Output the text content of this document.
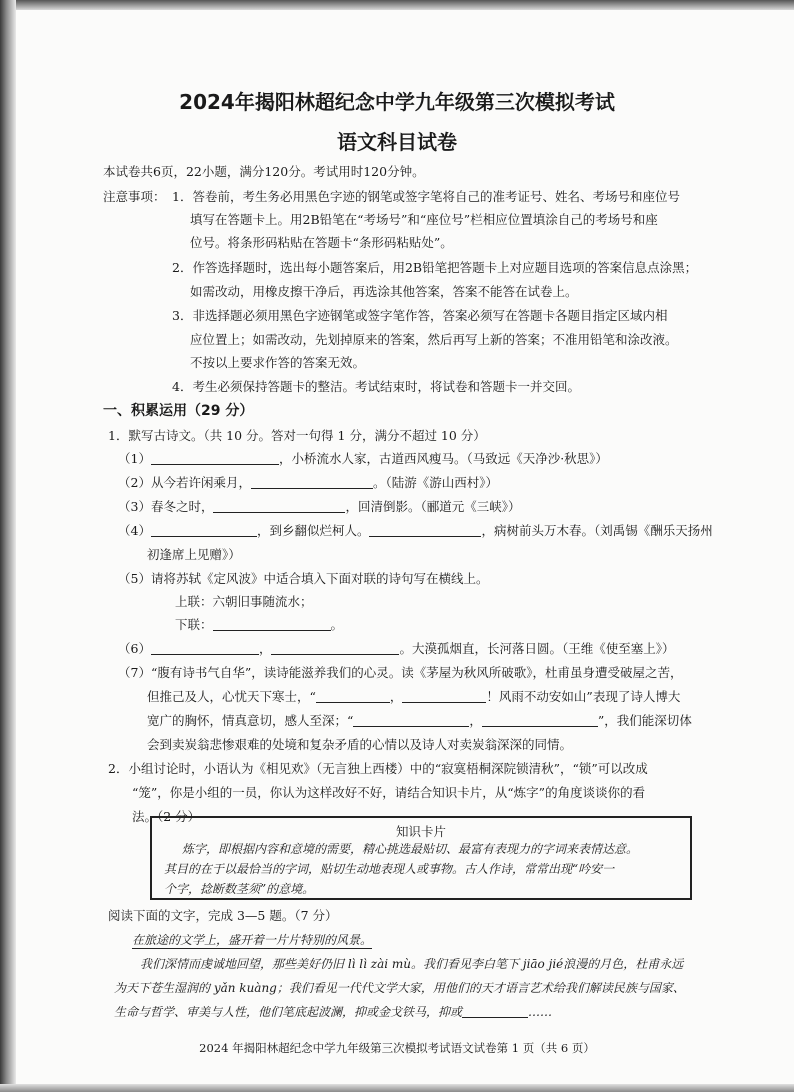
2024年揭阳林超纪念中学九年级第三次模拟考试
语文科目试卷
本试卷共6页，22小题，满分120分。考试用时120分钟。
注意事项： 1．答卷前，考生务必用黑色字迹的钢笔或签字笔将自己的准考证号、姓名、考场号和座位号
填写在答题卡上。用2B铅笔在“考场号”和“座位号”栏相应位置填涂自己的考场号和座
位号。将条形码粘贴在答题卡“条形码粘贴处”。
2．作答选择题时，选出每小题答案后，用2B铅笔把答题卡上对应题目选项的答案信息点涂黑；
如需改动，用橡皮擦干净后，再选涂其他答案，答案不能答在试卷上。
3．非选择题必须用黑色字迹钢笔或签字笔作答，答案必须写在答题卡各题目指定区域内相
应位置上；如需改动，先划掉原来的答案，然后再写上新的答案；不准用铅笔和涂改液。
不按以上要求作答的答案无效。
4．考生必须保持答题卡的整洁。考试结束时，将试卷和答题卡一并交回。
一、积累运用（29 分）
1．默写古诗文。（共 10 分。答对一句得 1 分，满分不超过 10 分）
（1）	，小桥流水人家，古道西风瘦马。（马致远《天净沙·秋思》）
（2）从今若许闲乘月，	。（陆游《游山西村》）
（3）春冬之时，	，回清倒影。（郦道元《三峡》）
（4）	，到乡翻似烂柯人。	，病树前头万木春。（刘禹锡《酬乐天扬州
初逢席上见赠》）
（5）请将苏轼《定风波》中适合填入下面对联的诗句写在横线上。
上联：六朝旧事随流水；
下联：	。
（6）	，	。大漠孤烟直，长河落日圆。（王维《使至塞上》）
（7）“腹有诗书气自华”，读诗能滋养我们的心灵。读《茅屋为秋风所破歌》，杜甫虽身遭受破屋之苦，
但推己及人，心忧天下寒士，“	，	！风雨不动安如山”表现了诗人博大
宽广的胸怀，情真意切，感人至深；“	，	”，我们能深切体
会到卖炭翁悲惨艰难的处境和复杂矛盾的心情以及诗人对卖炭翁深深的同情。
2．小组讨论时，小语认为《相见欢》（无言独上西楼）中的“寂寞梧桐深院锁清秋”，“锁”可以改成
“笼”，你是小组的一员，你认为这样改好不好，请结合知识卡片，从“炼字”的角度谈谈你的看
法。（2 分）
知识卡片
炼字，即根据内容和意境的需要，精心挑选最贴切、最富有表现力的字词来表情达意。
其目的在于以最恰当的字词，贴切生动地表现人或事物。古人作诗，常常出现“吟安一
个字，捻断数茎须”的意境。
阅读下面的文字，完成 3—5 题。（7 分）
在旅途的文学上，盛开着一片片特别的风景。
我们深情而虔诚地回望，那些美好仍旧 lì lì zài mù。我们看见李白笔下 jiāo jié浪漫的月色，杜甫永远
为天下苍生湿润的 yǎn kuàng；我们看见一代代文学大家，用他们的天才语言艺术给我们解读民族与国家、
生命与哲学、审美与人性，他们笔底起波澜，抑或金戈铁马，抑或	……
2024 年揭阳林超纪念中学九年级第三次模拟考试语文试卷第 1 页（共 6 页）
